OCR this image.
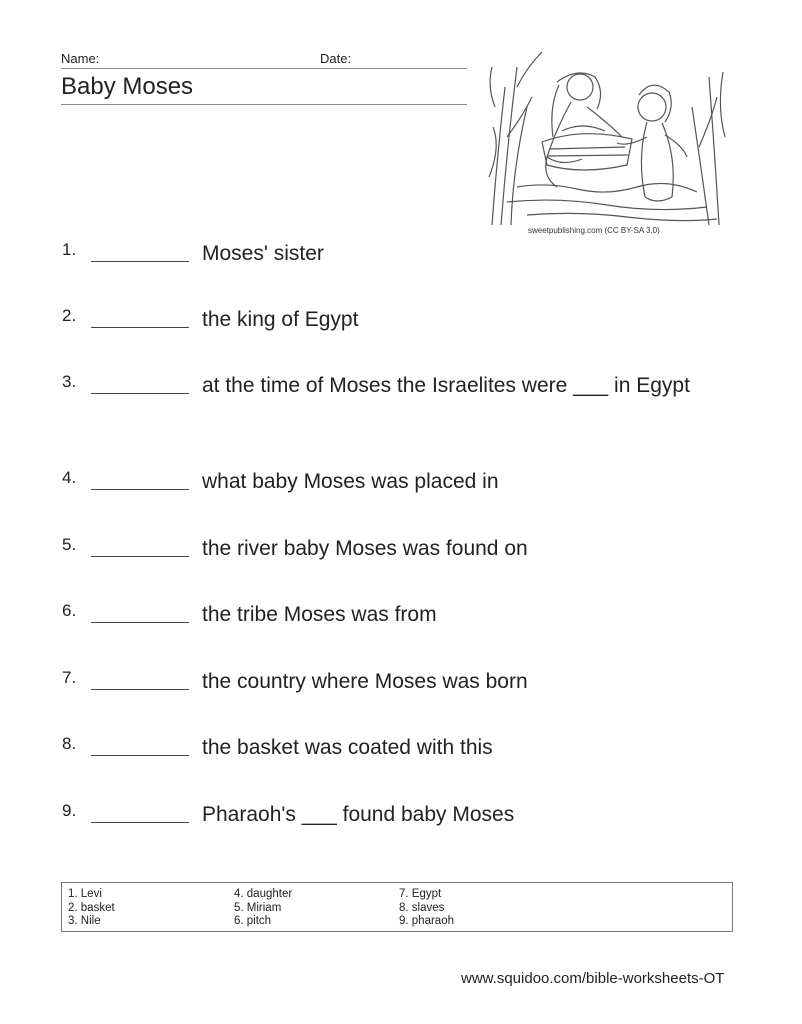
Name:	Date:
Baby Moses
sweetpublishing.com (CC BY-SA 3.0)
1.	Moses' sister
2.	the king of Egypt
3.	at the time of Moses the Israelites were ___ in Egypt
4.	what baby Moses was placed in
5.	the river baby Moses was found on
6.	the tribe Moses was from
7.	the country where Moses was born
8.	the basket was coated with this
9.	Pharaoh's ___ found baby Moses
1. Levi
2. basket
3. Nile
4. daughter
5. Miriam
6. pitch
7. Egypt
8. slaves
9. pharaoh
www.squidoo.com/bible-worksheets-OT
